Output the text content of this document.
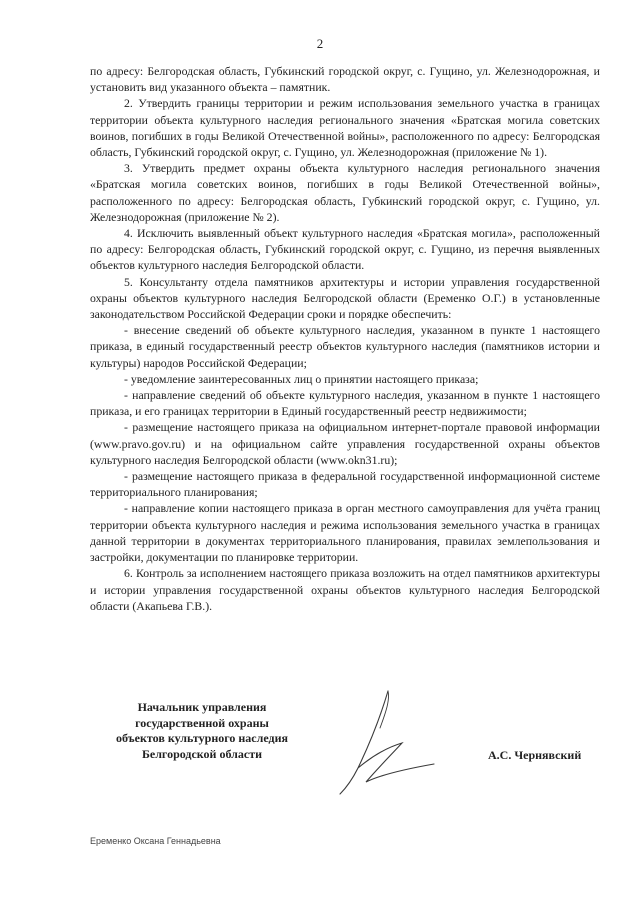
2

по адресу: Белгородская область, Губкинский городской округ, с. Гущино, ул. Железнодорожная, и установить вид указанного объекта – памятник.

2. Утвердить границы территории и режим использования земельного участка в границах территории объекта культурного наследия регионального значения «Братская могила советских воинов, погибших в годы Великой Отечественной войны», расположенного по адресу: Белгородская область, Губкинский городской округ, с. Гущино, ул. Железнодорожная (приложение № 1).

3. Утвердить предмет охраны объекта культурного наследия регионального значения «Братская могила советских воинов, погибших в годы Великой Отечественной войны», расположенного по адресу: Белгородская область, Губкинский городской округ, с. Гущино, ул. Железнодорожная (приложение № 2).

4. Исключить выявленный объект культурного наследия «Братская могила», расположенный по адресу: Белгородская область, Губкинский городской округ, с. Гущино, из перечня выявленных объектов культурного наследия Белгородской области.

5. Консультанту отдела памятников архитектуры и истории управления государственной охраны объектов культурного наследия Белгородской области (Еременко О.Г.) в установленные законодательством Российской Федерации сроки и порядке обеспечить:

- внесение сведений об объекте культурного наследия, указанном в пункте 1 настоящего приказа, в единый государственный реестр объектов культурного наследия (памятников истории и культуры) народов Российской Федерации;

- уведомление заинтересованных лиц о принятии настоящего приказа;

- направление сведений об объекте культурного наследия, указанном в пункте 1 настоящего приказа, и его границах территории в Единый государственный реестр недвижимости;

- размещение настоящего приказа на официальном интернет-портале правовой информации (www.pravo.gov.ru) и на официальном сайте управления государственной охраны объектов культурного наследия Белгородской области (www.okn31.ru);

- размещение настоящего приказа в федеральной государственной информационной системе территориального планирования;

- направление копии настоящего приказа в орган местного самоуправления для учёта границ территории объекта культурного наследия и режима использования земельного участка в границах данной территории в документах территориального планирования, правилах землепользования и застройки, документации по планировке территории.

6. Контроль за исполнением настоящего приказа возложить на отдел памятников архитектуры и истории управления государственной охраны объектов культурного наследия Белгородской области (Акапьева Г.В.).

Начальник управления
государственной охраны
объектов культурного наследия
Белгородской области	А.С. Чернявский
Еременко Оксана Геннадьевна
